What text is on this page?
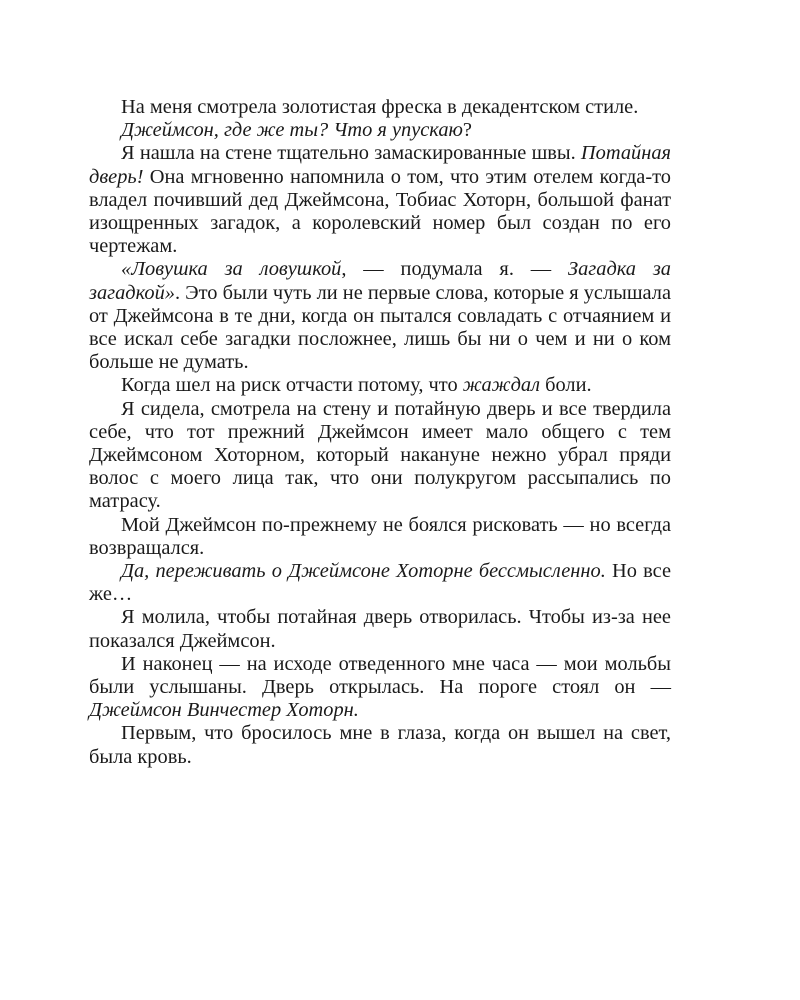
На меня смотрела золотистая фреска в декадентском стиле.

Джеймсон, где же ты? Что я упускаю?

Я нашла на стене тщательно замаскированные швы. Потайная дверь! Она мгновенно напомнила о том, что этим отелем когда-то владел почивший дед Джеймсона, Тобиас Хоторн, большой фанат изощренных загадок, а королевский номер был создан по его чертежам.

«Ловушка за ловушкой, — подумала я. — Загадка за загадкой». Это были чуть ли не первые слова, которые я услышала от Джеймсона в те дни, когда он пытался совладать с отчаянием и все искал себе загадки посложнее, лишь бы ни о чем и ни о ком больше не думать.

Когда шел на риск отчасти потому, что жаждал боли.

Я сидела, смотрела на стену и потайную дверь и все твердила себе, что тот прежний Джеймсон имеет мало общего с тем Джеймсоном Хоторном, который накануне нежно убрал пряди волос с моего лица так, что они полукругом рассыпались по матрасу.

Мой Джеймсон по-прежнему не боялся рисковать — но всегда возвращался.

Да, переживать о Джеймсоне Хоторне бессмысленно. Но все же…

Я молила, чтобы потайная дверь отворилась. Чтобы из-за нее показался Джеймсон.

И наконец — на исходе отведенного мне часа — мои мольбы были услышаны. Дверь открылась. На пороге стоял он — Джеймсон Винчестер Хоторн.

Первым, что бросилось мне в глаза, когда он вышел на свет, была кровь.
